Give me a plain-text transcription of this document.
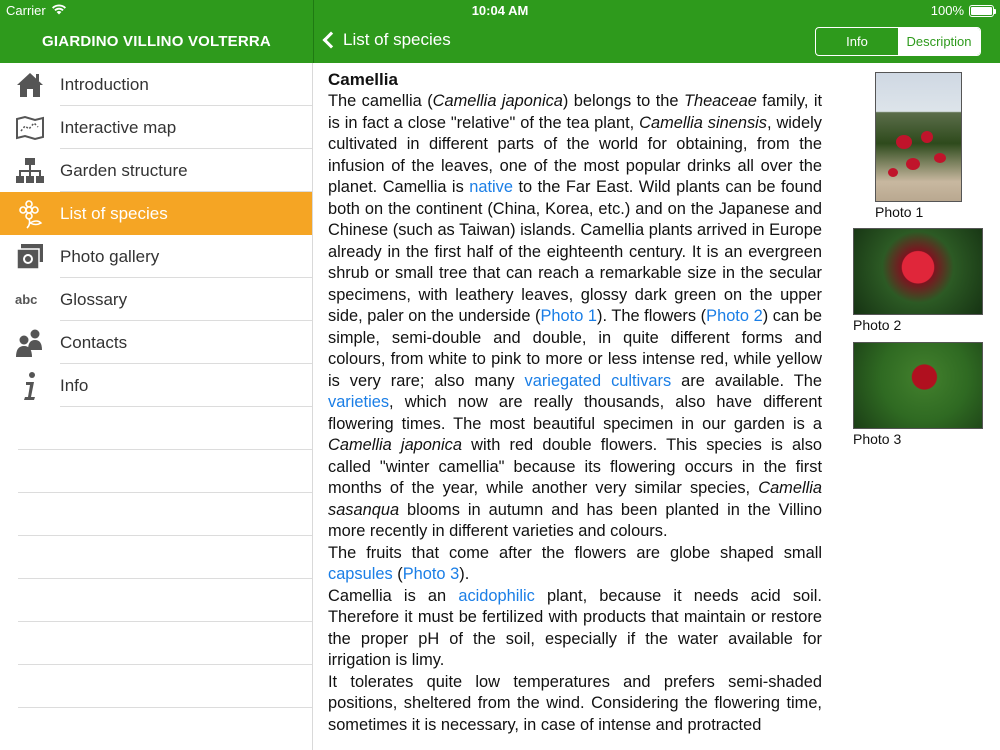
Carrier	10:04 AM	100%
GIARDINO VILLINO VOLTERRA	List of species	Info	Description
Introduction
Interactive map
Garden structure
List of species
Photo gallery
abc Glossary
Contacts
Info
Camellia

The camellia (Camellia japonica) belongs to the Theaceae family, it is in fact a close "relative" of the tea plant, Camellia sinensis, widely cultivated in different parts of the world for obtaining, from the infusion of the leaves, one of the most popular drinks all over the planet. Camellia is native to the Far East. Wild plants can be found both on the continent (China, Korea, etc.) and on the Japanese and Chinese (such as Taiwan) islands. Camellia plants arrived in Europe already in the first half of the eighteenth century. It is an evergreen shrub or small tree that can reach a remarkable size in the secular specimens, with leathery leaves, glossy dark green on the upper side, paler on the underside (Photo 1). The flowers (Photo 2) can be simple, semi-double and double, in quite different forms and colours, from white to pink to more or less intense red, while yellow is very rare; also many variegated cultivars are available. The varieties, which now are really thousands, also have different flowering times. The most beautiful specimen in our garden is a Camellia japonica with red double flowers. This species is also called "winter camellia" because its flowering occurs in the first months of the year, while another very similar species, Camellia sasanqua blooms in autumn and has been planted in the Villino more recently in different varieties and colours.

The fruits that come after the flowers are globe shaped small capsules (Photo 3).

Camellia is an acidophilic plant, because it needs acid soil. Therefore it must be fertilized with products that maintain or restore the proper pH of the soil, especially if the water available for irrigation is limy.

It tolerates quite low temperatures and prefers semi-shaded positions, sheltered from the wind. Considering the flowering time, sometimes it is necessary, in case of intense and protracted

Photo 1
Photo 2
Photo 3
